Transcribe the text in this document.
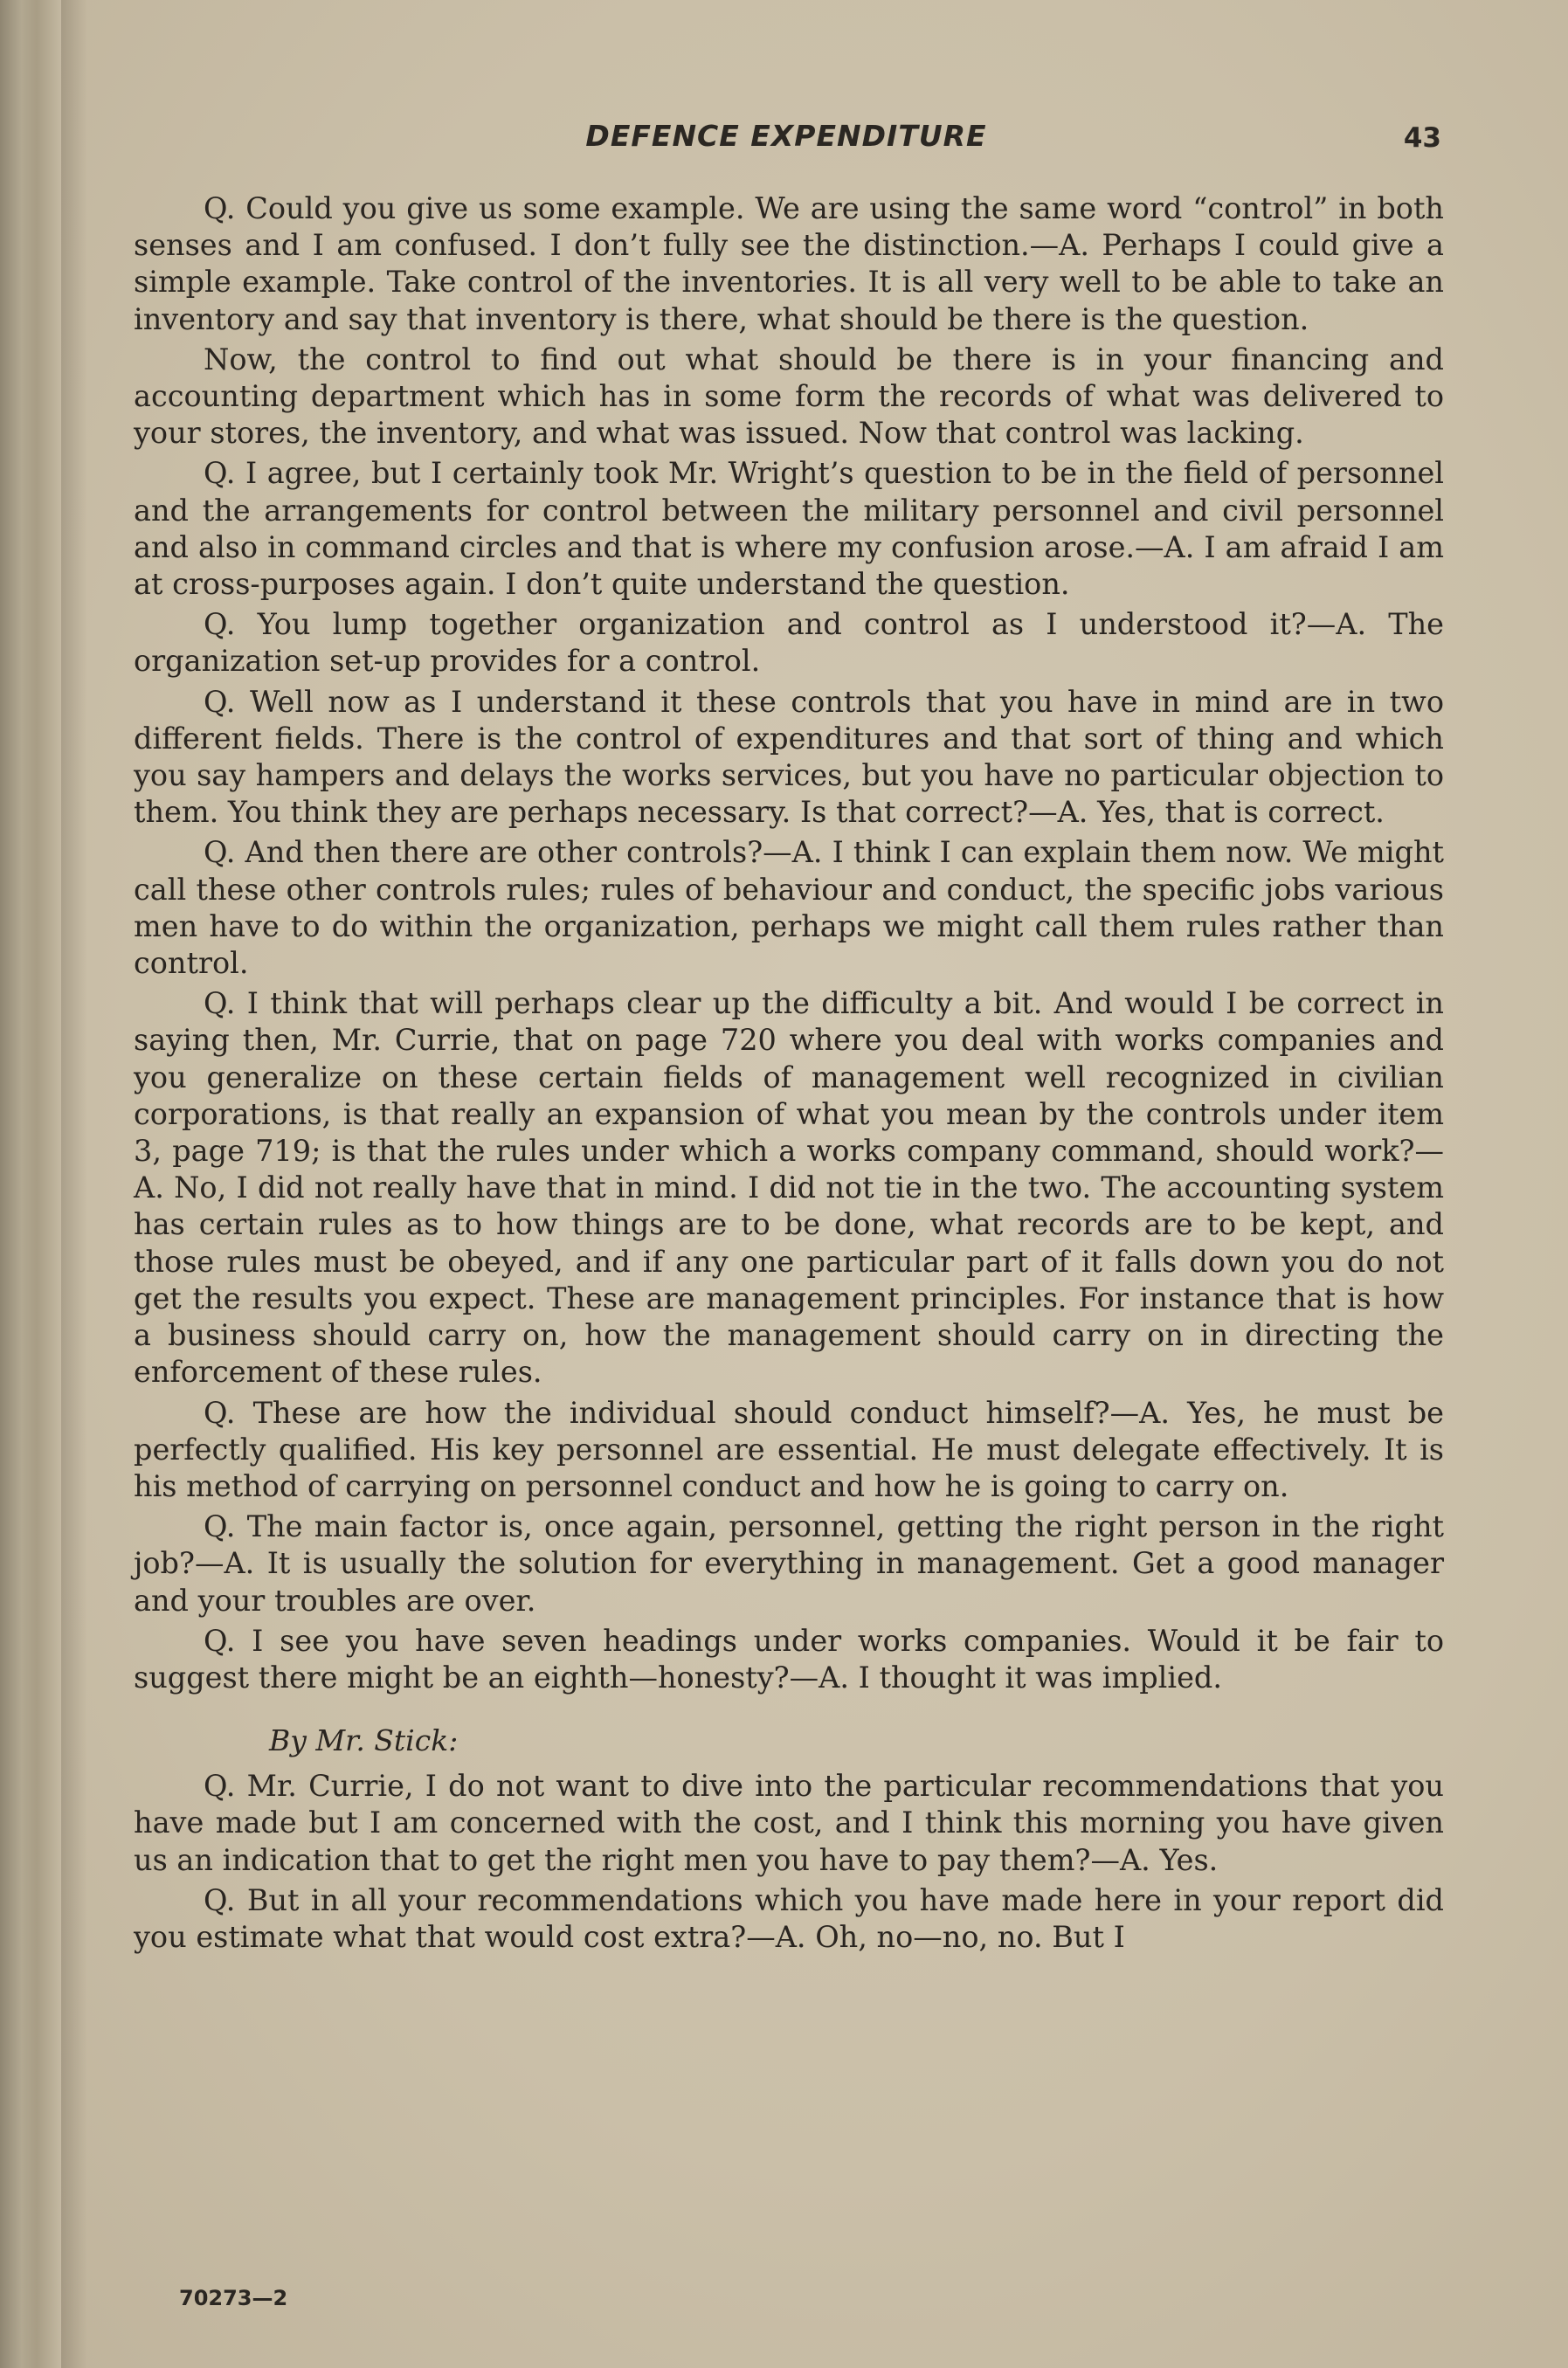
DEFENCE EXPENDITURE	43

Q. Could you give us some example. We are using the same word “control” in both senses and I am confused. I don’t fully see the distinction.—A. Perhaps I could give a simple example. Take control of the inventories. It is all very well to be able to take an inventory and say that inventory is there, what should be there is the question.

Now, the control to find out what should be there is in your financing and accounting department which has in some form the records of what was delivered to your stores, the inventory, and what was issued. Now that control was lacking.

Q. I agree, but I certainly took Mr. Wright’s question to be in the field of personnel and the arrangements for control between the military personnel and civil personnel and also in command circles and that is where my confusion arose.—A. I am afraid I am at cross-purposes again. I don’t quite understand the question.

Q. You lump together organization and control as I understood it?—A. The organization set-up provides for a control.

Q. Well now as I understand it these controls that you have in mind are in two different fields. There is the control of expenditures and that sort of thing and which you say hampers and delays the works services, but you have no particular objection to them. You think they are perhaps necessary. Is that correct?—A. Yes, that is correct.

Q. And then there are other controls?—A. I think I can explain them now. We might call these other controls rules; rules of behaviour and conduct, the specific jobs various men have to do within the organization, perhaps we might call them rules rather than control.

Q. I think that will perhaps clear up the difficulty a bit. And would I be correct in saying then, Mr. Currie, that on page 720 where you deal with works companies and you generalize on these certain fields of management well recognized in civilian corporations, is that really an expansion of what you mean by the controls under item 3, page 719; is that the rules under which a works company command, should work?—A. No, I did not really have that in mind. I did not tie in the two. The accounting system has certain rules as to how things are to be done, what records are to be kept, and those rules must be obeyed, and if any one particular part of it falls down you do not get the results you expect. These are management principles. For instance that is how a business should carry on, how the management should carry on in directing the enforcement of these rules.

Q. These are how the individual should conduct himself?—A. Yes, he must be perfectly qualified. His key personnel are essential. He must delegate effectively. It is his method of carrying on personnel conduct and how he is going to carry on.

Q. The main factor is, once again, personnel, getting the right person in the right job?—A. It is usually the solution for everything in management. Get a good manager and your troubles are over.

Q. I see you have seven headings under works companies. Would it be fair to suggest there might be an eighth—honesty?—A. I thought it was implied.

By Mr. Stick:

Q. Mr. Currie, I do not want to dive into the particular recommendations that you have made but I am concerned with the cost, and I think this morning you have given us an indication that to get the right men you have to pay them?—A. Yes.

Q. But in all your recommendations which you have made here in your report did you estimate what that would cost extra?—A. Oh, no—no, no. But I

70273—2
